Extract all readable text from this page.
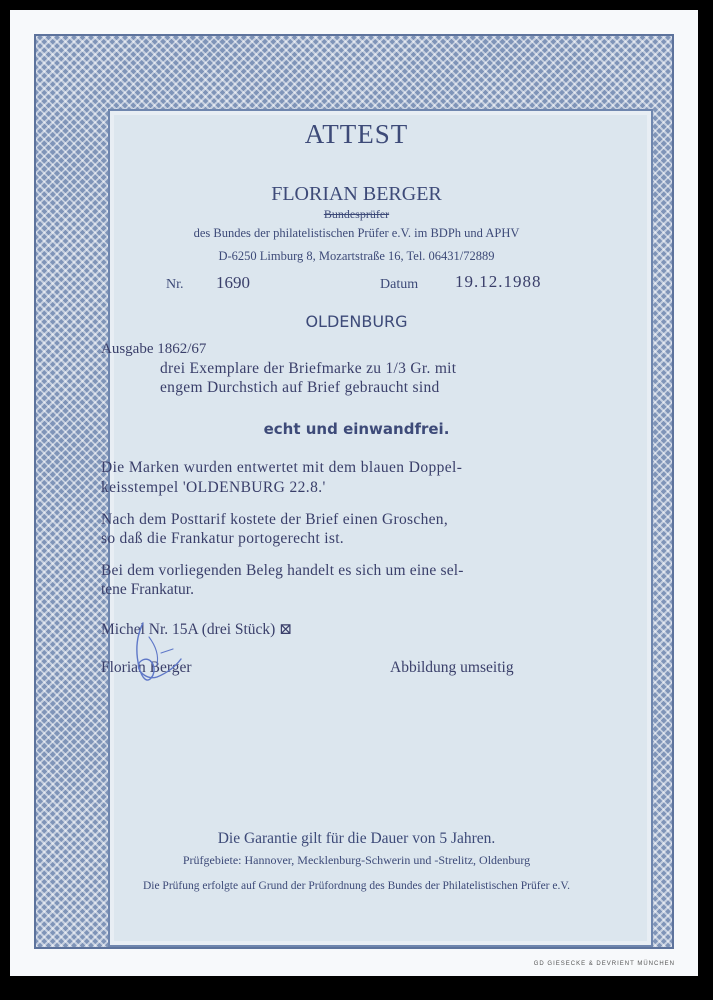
ATTEST
FLORIAN BERGER
Bundesprüfer
des Bundes der philatelistischen Prüfer e.V. im BDPh und APHV
D-6250 Limburg 8, Mozartstraße 16, Tel. 06431/72889
Nr. 1690	Datum 19.12.1988
OLDENBURG
Ausgabe 1862/67
drei Exemplare der Briefmarke zu 1/3 Gr. mit
engem Durchstich auf Brief gebraucht sind
echt und einwandfrei.
Die Marken wurden entwertet mit dem blauen Doppel-
keisstempel 'OLDENBURG 22.8.'
Nach dem Posttarif kostete der Brief einen Groschen,
so daß die Frankatur portogerecht ist.
Bei dem vorliegenden Beleg handelt es sich um eine sel-
tene Frankatur.
Michel Nr. 15A (drei Stück) ⊠
Florian Berger	Abbildung umseitig
Die Garantie gilt für die Dauer von 5 Jahren.
Prüfgebiete: Hannover, Mecklenburg-Schwerin und -Strelitz, Oldenburg
Die Prüfung erfolgte auf Grund der Prüfordnung des Bundes der Philatelistischen Prüfer e.V.
GD GIESECKE & DEVRIENT MÜNCHEN
